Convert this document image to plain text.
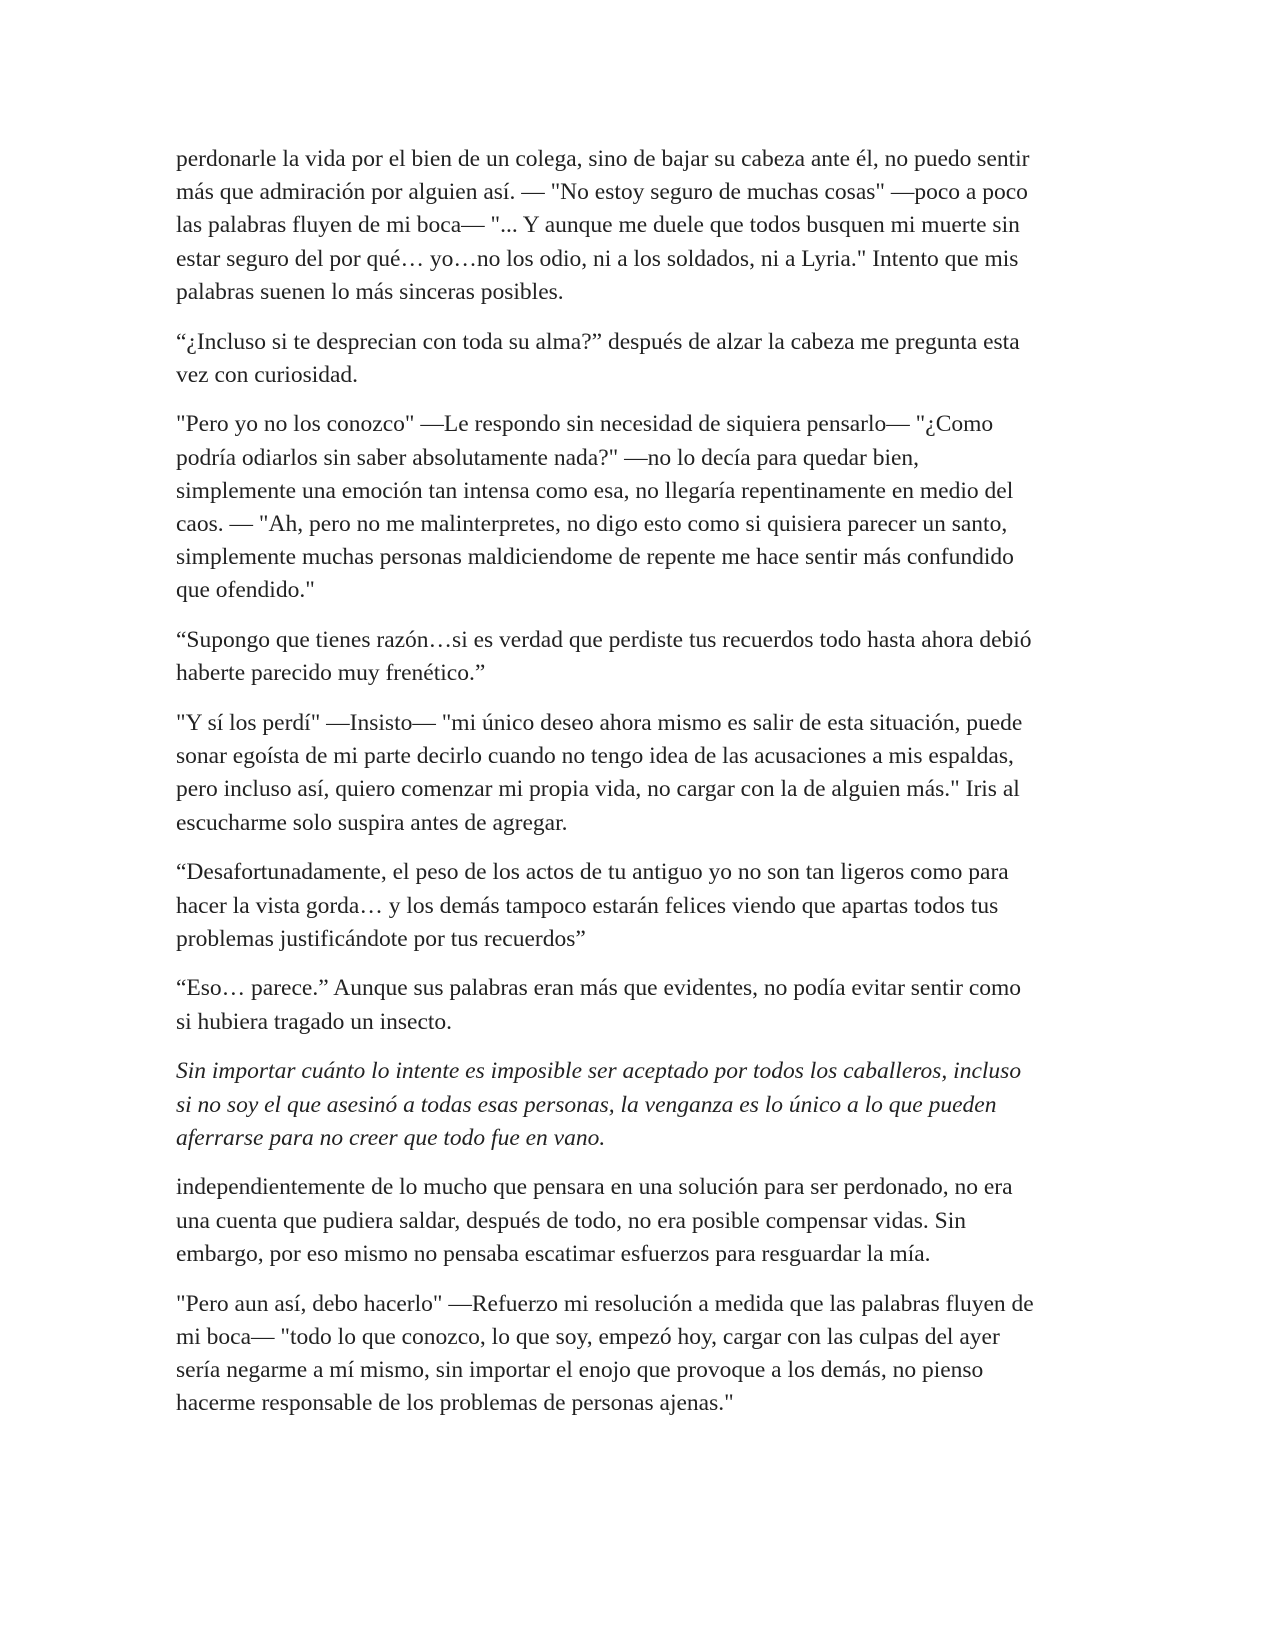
perdonarle la vida por el bien de un colega, sino de bajar su cabeza ante él, no puedo sentir
más que admiración por alguien así. — "No estoy seguro de muchas cosas" —poco a poco
las palabras fluyen de mi boca— "... Y aunque me duele que todos busquen mi muerte sin
estar seguro del por qué… yo…no los odio, ni a los soldados, ni a Lyria." Intento que mis
palabras suenen lo más sinceras posibles.

“¿Incluso si te desprecian con toda su alma?” después de alzar la cabeza me pregunta esta
vez con curiosidad.

"Pero yo no los conozco" —Le respondo sin necesidad de siquiera pensarlo— "¿Como
podría odiarlos sin saber absolutamente nada?" —no lo decía para quedar bien,
simplemente una emoción tan intensa como esa, no llegaría repentinamente en medio del
caos. — "Ah, pero no me malinterpretes, no digo esto como si quisiera parecer un santo,
simplemente muchas personas maldiciendome de repente me hace sentir más confundido
que ofendido."

“Supongo que tienes razón…si es verdad que perdiste tus recuerdos todo hasta ahora debió
haberte parecido muy frenético.”

"Y sí los perdí" —Insisto— "mi único deseo ahora mismo es salir de esta situación, puede
sonar egoísta de mi parte decirlo cuando no tengo idea de las acusaciones a mis espaldas,
pero incluso así, quiero comenzar mi propia vida, no cargar con la de alguien más." Iris al
escucharme solo suspira antes de agregar.

“Desafortunadamente, el peso de los actos de tu antiguo yo no son tan ligeros como para
hacer la vista gorda… y los demás tampoco estarán felices viendo que apartas todos tus
problemas justificándote por tus recuerdos”

“Eso… parece.” Aunque sus palabras eran más que evidentes, no podía evitar sentir como
si hubiera tragado un insecto.

Sin importar cuánto lo intente es imposible ser aceptado por todos los caballeros, incluso
si no soy el que asesinó a todas esas personas, la venganza es lo único a lo que pueden
aferrarse para no creer que todo fue en vano.

independientemente de lo mucho que pensara en una solución para ser perdonado, no era
una cuenta que pudiera saldar, después de todo, no era posible compensar vidas. Sin
embargo, por eso mismo no pensaba escatimar esfuerzos para resguardar la mía.

"Pero aun así, debo hacerlo" —Refuerzo mi resolución a medida que las palabras fluyen de
mi boca— "todo lo que conozco, lo que soy, empezó hoy, cargar con las culpas del ayer
sería negarme a mí mismo, sin importar el enojo que provoque a los demás, no pienso
hacerme responsable de los problemas de personas ajenas."
